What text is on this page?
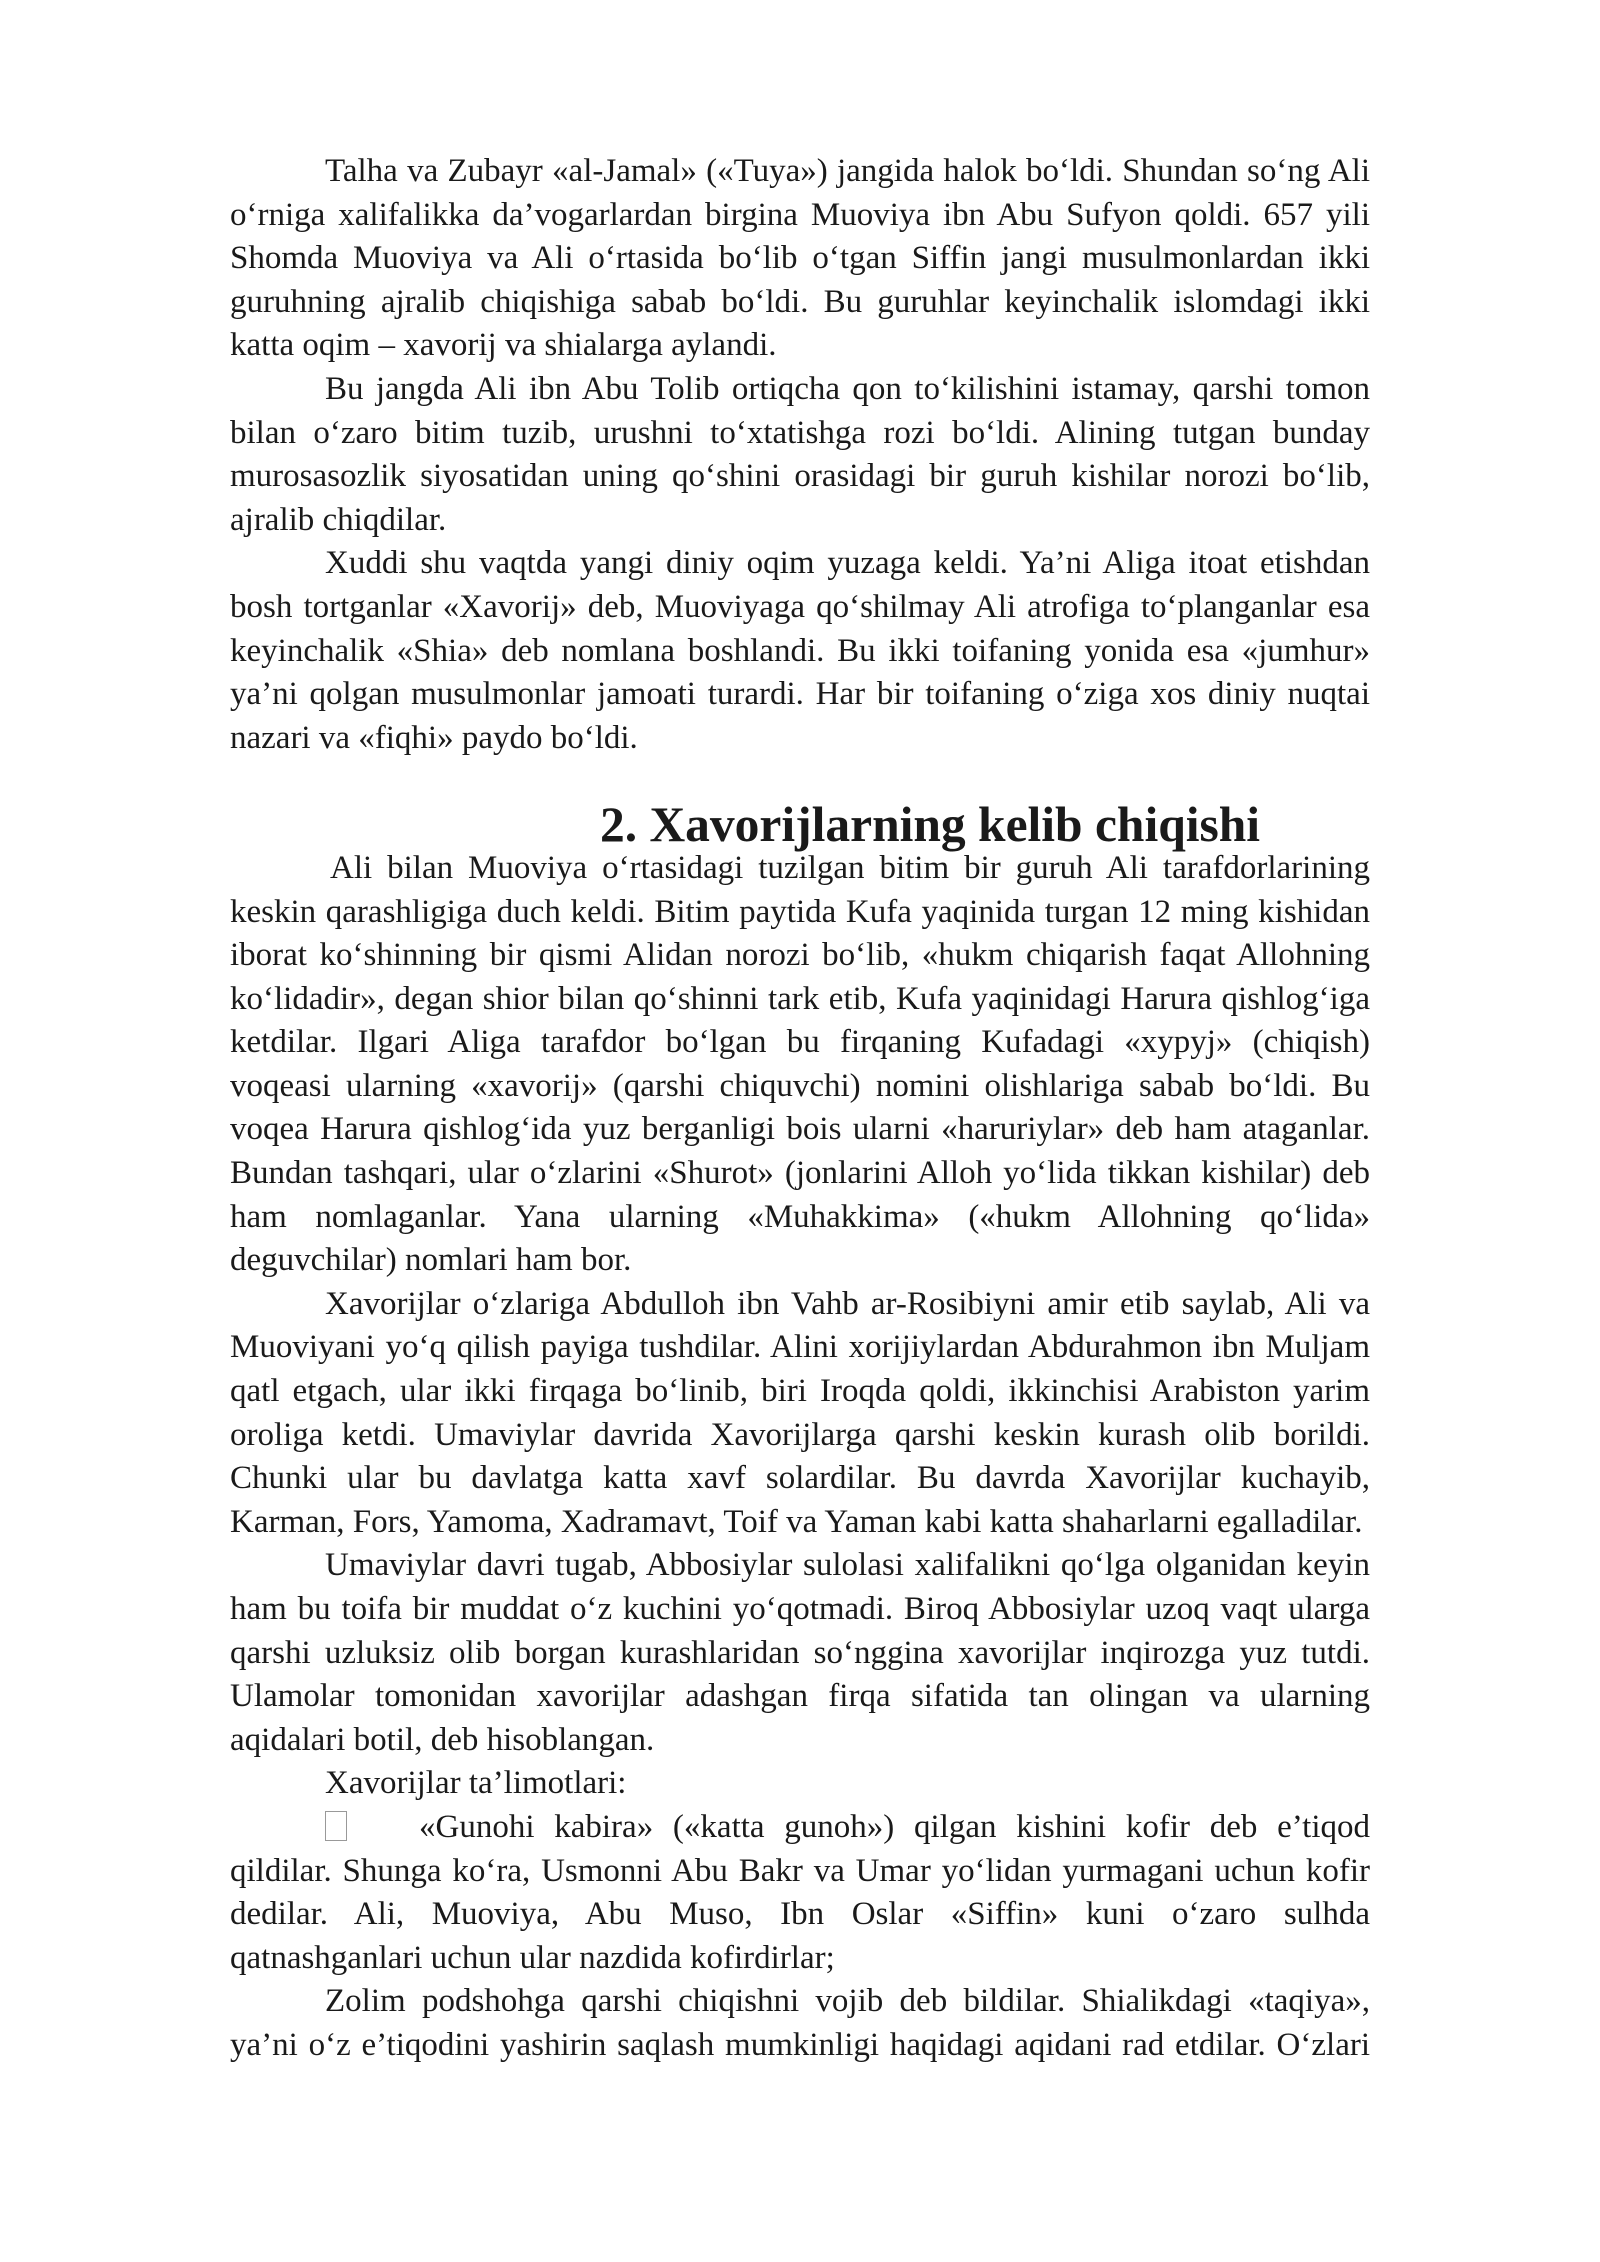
Talha va Zubayr «al-Jamal» («Tuya») jangida halok bo‘ldi. Shundan so‘ng Ali o‘rniga xalifalikka da’vogarlardan birgina Muoviya ibn Abu Sufyon qoldi. 657 yili Shomda Muoviya va Ali o‘rtasida bo‘lib o‘tgan Siffin jangi musulmonlardan ikki guruhning ajralib chiqishiga sabab bo‘ldi. Bu guruhlar keyinchalik islomdagi ikki katta oqim – xavorij va shialarga aylandi.

Bu jangda Ali ibn Abu Tolib ortiqcha qon to‘kilishini istamay, qarshi tomon bilan o‘zaro bitim tuzib, urushni to‘xtatishga rozi bo‘ldi. Alining tutgan bunday murosasozlik siyosatidan uning qo‘shini orasidagi bir guruh kishilar norozi bo‘lib, ajralib chiqdilar.

Xuddi shu vaqtda yangi diniy oqim yuzaga keldi. Ya’ni Aliga itoat etishdan bosh tortganlar «Xavorij» deb, Muoviyaga qo‘shilmay Ali atrofiga to‘planganlar esa keyinchalik «Shia» deb nomlana boshlandi. Bu ikki toifaning yonida esa «jumhur» ya’ni qolgan musulmonlar jamoati turardi. Har bir toifaning o‘ziga xos diniy nuqtai nazari va «fiqhi» paydo bo‘ldi.

2. Xavorijlarning kelib chiqishi

Ali bilan Muoviya o‘rtasidagi tuzilgan bitim bir guruh Ali tarafdorlarining keskin qarashligiga duch keldi. Bitim paytida Kufa yaqinida turgan 12 ming kishidan iborat ko‘shinning bir qismi Alidan norozi bo‘lib, «hukm chiqarish faqat Allohning ko‘lidadir», degan shior bilan qo‘shinni tark etib, Kufa yaqinidagi Harura qishlog‘iga ketdilar. Ilgari Aliga tarafdor bo‘lgan bu firqaning Kufadagi «xypyj» (chiqish) voqeasi ularning «xavorij» (qarshi chiquvchi) nomini olishlariga sabab bo‘ldi. Bu voqea Harura qishlog‘ida yuz berganligi bois ularni «haruriylar» deb ham ataganlar. Bundan tashqari, ular o‘zlarini «Shurot» (jonlarini Alloh yo‘lida tikkan kishilar) deb ham nomlaganlar. Yana ularning «Muhakkima» («hukm Allohning qo‘lida» deguvchilar) nomlari ham bor.

Xavorijlar o‘zlariga Abdulloh ibn Vahb ar-Rosibiyni amir etib saylab, Ali va Muoviyani yo‘q qilish payiga tushdilar. Alini xorijiylardan Abdurahmon ibn Muljam qatl etgach, ular ikki firqaga bo‘linib, biri Iroqda qoldi, ikkinchisi Arabiston yarim oroliga ketdi. Umaviylar davrida Xavorijlarga qarshi keskin kurash olib borildi. Chunki ular bu davlatga katta xavf solardilar. Bu davrda Xavorijlar kuchayib, Karman, Fors, Yamoma, Xadramavt, Toif va Yaman kabi katta shaharlarni egalladilar.

Umaviylar davri tugab, Abbosiylar sulolasi xalifalikni qo‘lga olganidan keyin ham bu toifa bir muddat o‘z kuchini yo‘qotmadi. Biroq Abbosiylar uzoq vaqt ularga qarshi uzluksiz olib borgan kurashlaridan so‘nggina xavorijlar inqirozga yuz tutdi. Ulamolar tomonidan xavorijlar adashgan firqa sifatida tan olingan va ularning aqidalari botil, deb hisoblangan.

Xavorijlar ta’limotlari:

«Gunohi kabira» («katta gunoh») qilgan kishini kofir deb e’tiqod qildilar. Shunga ko‘ra, Usmonni Abu Bakr va Umar yo‘lidan yurmagani uchun kofir dedilar. Ali, Muoviya, Abu Muso, Ibn Oslar «Siffin» kuni o‘zaro sulhda qatnashganlari uchun ular nazdida kofirdirlar;

Zolim podshohga qarshi chiqishni vojib deb bildilar. Shialikdagi «taqiya», ya’ni o‘z e’tiqodini yashirin saqlash mumkinligi haqidagi aqidani rad etdilar. O‘zlari
